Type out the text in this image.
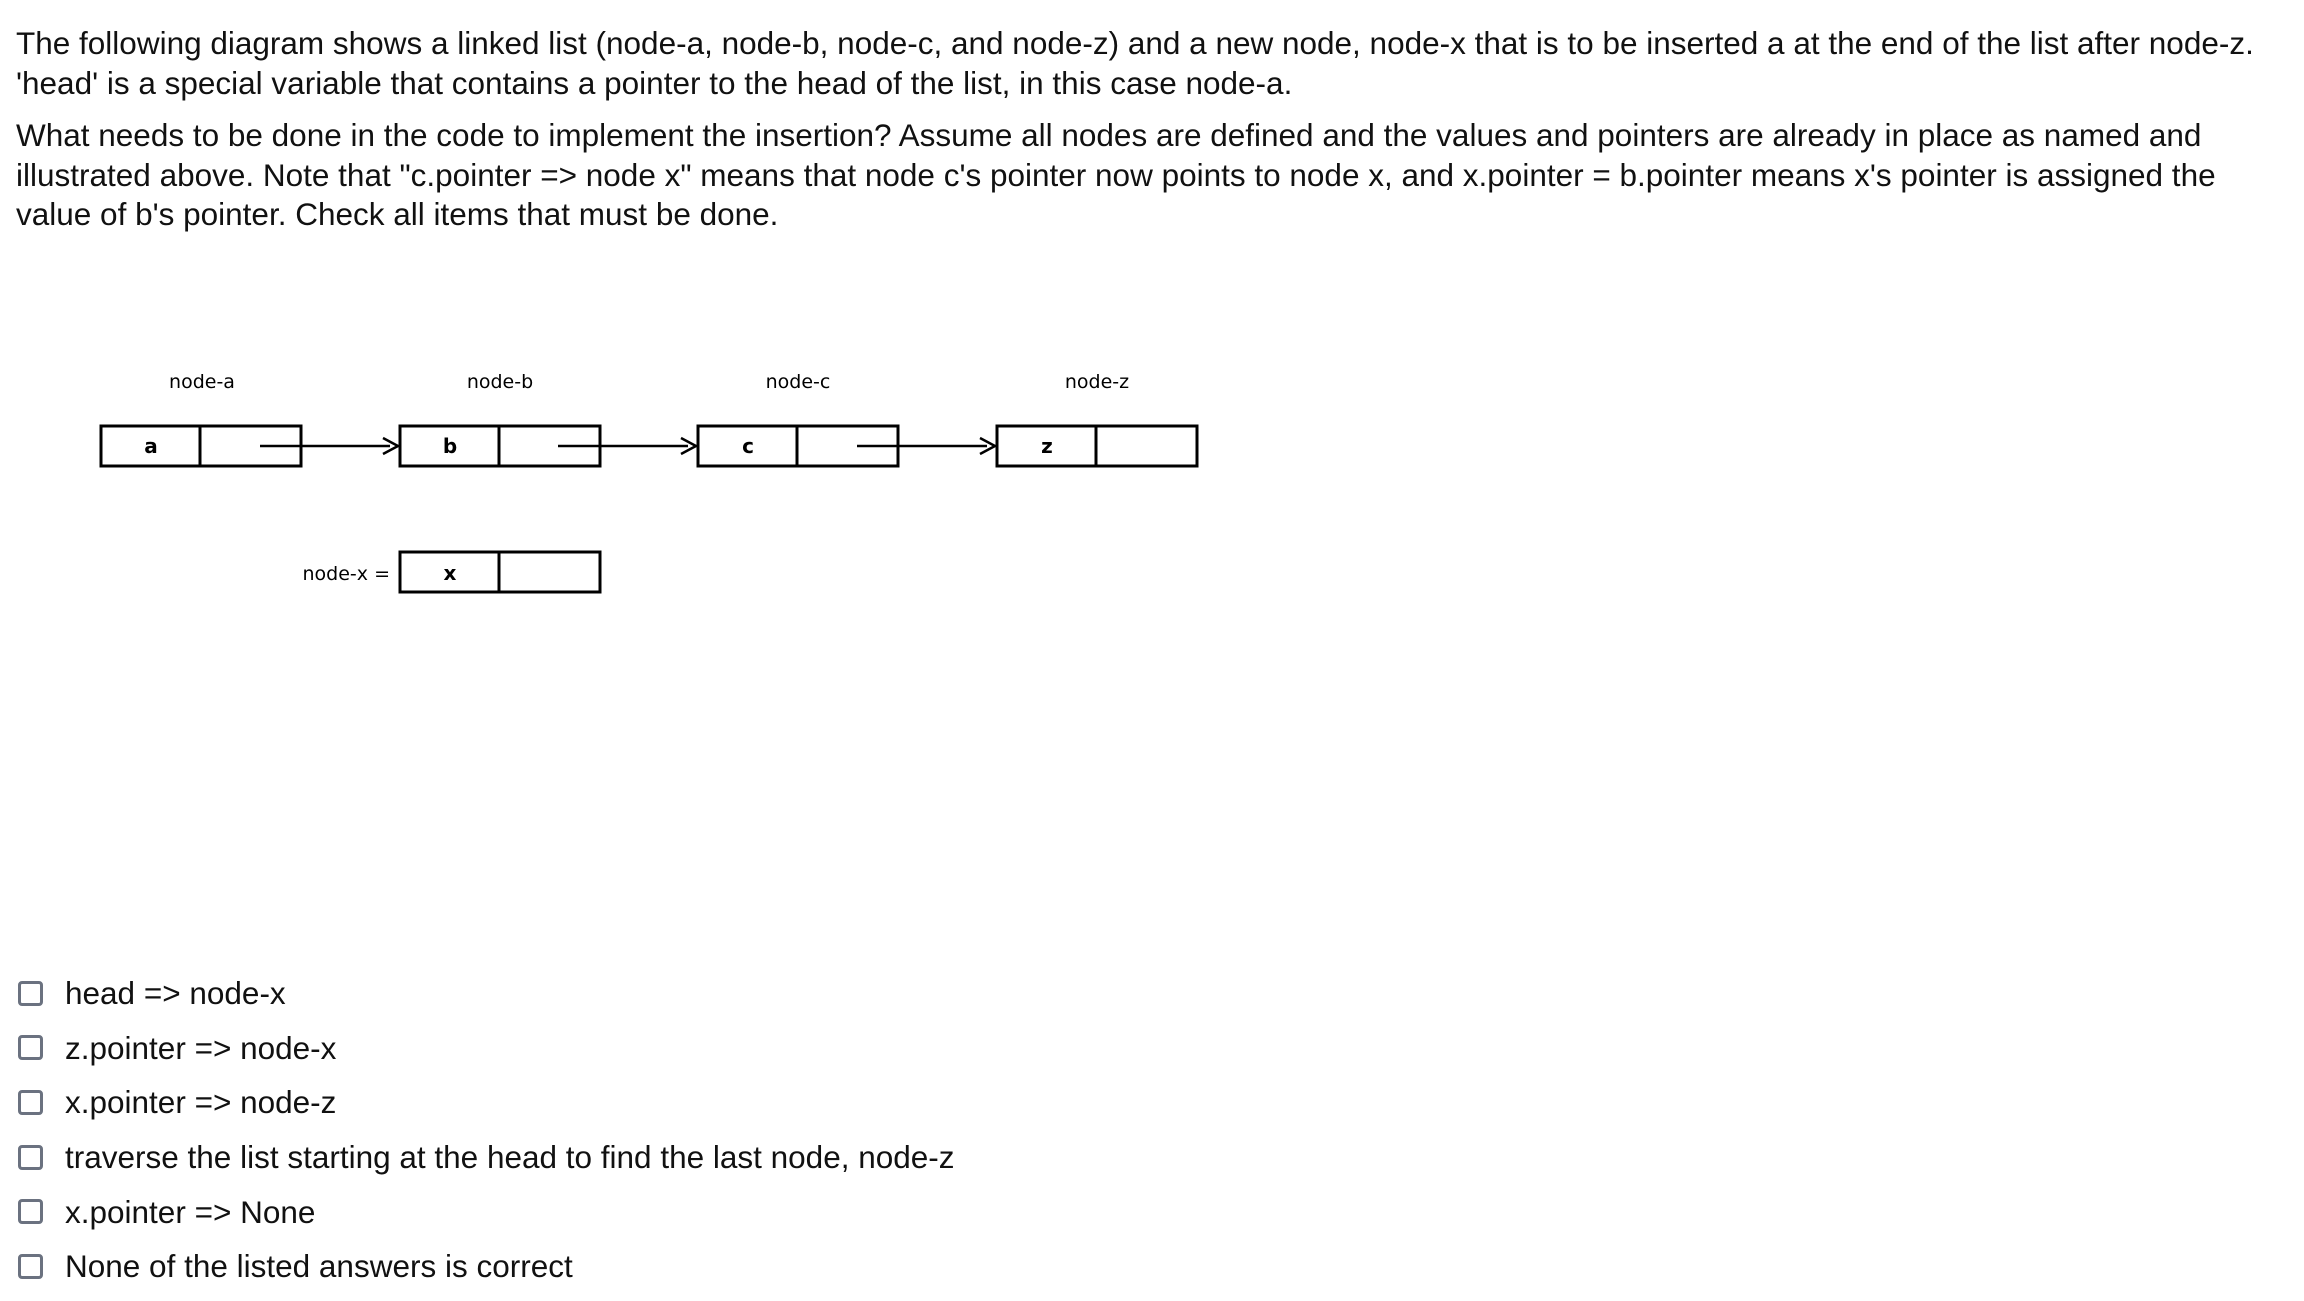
The following diagram shows a linked list (node-a, node-b, node-c, and node-z) and a new node, node-x that is to be inserted a at the end of the list after node-z. 'head' is a special variable that contains a pointer to the head of the list, in this case node-a.

What needs to be done in the code to implement the insertion? Assume all nodes are defined and the values and pointers are already in place as named and illustrated above. Note that "c.pointer => node x" means that node c's pointer now points to node x, and x.pointer = b.pointer means x's pointer is assigned the value of b's pointer. Check all items that must be done.

node-a
a
node-b
b
node-c
c
node-z
z
node-x =	x
head => node-x
z.pointer => node-x
x.pointer => node-z
traverse the list starting at the head to find the last node, node-z
x.pointer => None
None of the listed answers is correct
